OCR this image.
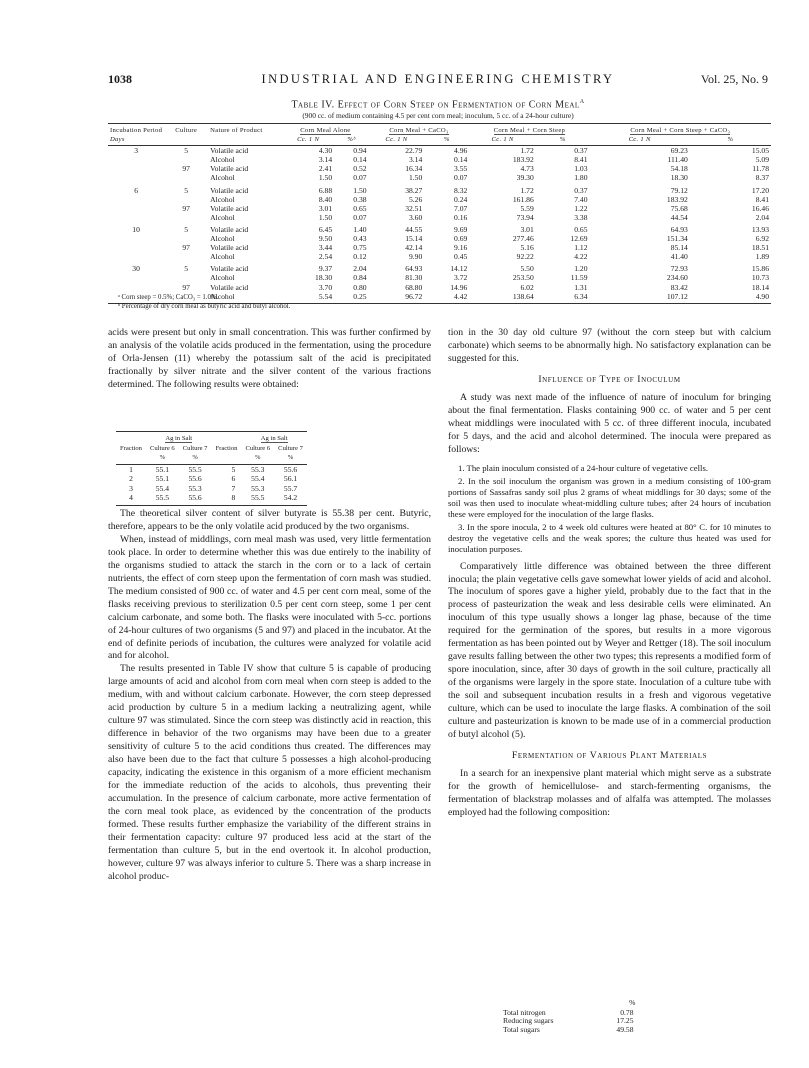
1038	INDUSTRIAL AND ENGINEERING CHEMISTRY	Vol. 25, No. 9
Table IV. Effect of Corn Steep on Fermentation of Corn Meal$^a$
(900 cc. of medium containing 4.5 per cent corn meal; inoculum, 5 cc. of a 24-hour culture)
Incubation Period	Culture	Nature of Product	Corn Meal Alone		Corn Meal + CaCO₃		Corn Meal + Corn Steep		Corn Meal + Corn Steep + CaCO₃	
Days			Cc. 1 N	%ᵇ	Cc. 1 N	%	Cc. 1 N	%	Cc. 1 N	%
3	5	Volatile acid	4.30	0.94	22.79	4.96	1.72	0.37	69.23	15.05
		Alcohol	3.14	0.14	3.14	0.14	183.92	8.41	111.40	5.09
	97	Volatile acid	2.41	0.52	16.34	3.55	4.73	1.03	54.18	11.78
		Alcohol	1.50	0.07	1.50	0.07	39.30	1.80	18.30	8.37
6	5	Volatile acid	6.88	1.50	38.27	8.32	1.72	0.37	79.12	17.20
		Alcohol	8.40	0.38	5.26	0.24	161.86	7.40	183.92	8.41
	97	Volatile acid	3.01	0.65	32.51	7.07	5.59	1.22	75.68	16.46
		Alcohol	1.50	0.07	3.60	0.16	73.94	3.38	44.54	2.04
10	5	Volatile acid	6.45	1.40	44.55	9.69	3.01	0.65	64.93	13.93
		Alcohol	9.50	0.43	15.14	0.69	277.46	12.69	151.34	6.92
	97	Volatile acid	3.44	0.75	42.14	9.16	5.16	1.12	85.14	18.51
		Alcohol	2.54	0.12	9.90	0.45	92.22	4.22	41.40	1.89
30	5	Volatile acid	9.37	2.04	64.93	14.12	5.50	1.20	72.93	15.86
		Alcohol	18.30	0.84	81.30	3.72	253.50	11.59	234.60	10.73
	97	Volatile acid	3.70	0.80	68.80	14.96	6.02	1.31	83.42	18.14
		Alcohol	5.54	0.25	96.72	4.42	138.64	6.34	107.12	4.90
ᵃ Corn steep = 0.5%; CaCO₃ = 1.0%.
ᵇ Percentage of dry corn meal as butyric acid and butyl alcohol.

acids were present but only in small concentration. This was further confirmed by an analysis of the volatile acids produced in the fermentation, using the procedure of Orla-Jensen (11) whereby the potassium salt of the acid is precipitated fractionally by silver nitrate and the silver content of the various fractions determined. The following results were obtained:

Fraction	Ag in Salt		Fraction	Ag in Salt	
	Culture 6	Culture 7		Culture 6	Culture 7
	%	%		%	%
1	55.1	55.5	5	55.3	55.6
2	55.1	55.6	6	55.4	56.1
3	55.4	55.3	7	55.3	55.7
4	55.5	55.6	8	55.5	54.2

The theoretical silver content of silver butyrate is 55.38 per cent. Butyric, therefore, appears to be the only volatile acid produced by the two organisms.

When, instead of middlings, corn meal mash was used, very little fermentation took place. In order to determine whether this was due entirely to the inability of the organisms studied to attack the starch in the corn or to a lack of certain nutrients, the effect of corn steep upon the fermentation of corn mash was studied. The medium consisted of 900 cc. of water and 4.5 per cent corn meal, some of the flasks receiving previous to sterilization 0.5 per cent corn steep, some 1 per cent calcium carbonate, and some both. The flasks were inoculated with 5-cc. portions of 24-hour cultures of two organisms (5 and 97) and placed in the incubator. At the end of definite periods of incubation, the cultures were analyzed for volatile acid and for alcohol.

The results presented in Table IV show that culture 5 is capable of producing large amounts of acid and alcohol from corn meal when corn steep is added to the medium, with and without calcium carbonate. However, the corn steep depressed acid production by culture 5 in a medium lacking a neutralizing agent, while culture 97 was stimulated. Since the corn steep was distinctly acid in reaction, this difference in behavior of the two organisms may have been due to a greater sensitivity of culture 5 to the acid conditions thus created. The differences may also have been due to the fact that culture 5 possesses a high alcohol-producing capacity, indicating the existence in this organism of a more efficient mechanism for the immediate reduction of the acids to alcohols, thus preventing their accumulation. In the presence of calcium carbonate, more active fermentation of the corn meal took place, as evidenced by the concentration of the products formed. These results further emphasize the variability of the different strains in their fermentation capacity: culture 97 produced less acid at the start of the fermentation than culture 5, but in the end overtook it. In alcohol production, however, culture 97 was always inferior to culture 5. There was a sharp increase in alcohol produc-

tion in the 30 day old culture 97 (without the corn steep but with calcium carbonate) which seems to be abnormally high. No satisfactory explanation can be suggested for this.

Influence of Type of Inoculum

A study was next made of the influence of nature of inoculum for bringing about the final fermentation. Flasks containing 900 cc. of water and 5 per cent wheat middlings were inoculated with 5 cc. of three different inocula, incubated for 5 days, and the acid and alcohol determined. The inocula were prepared as follows:

1. The plain inoculum consisted of a 24-hour culture of vegetative cells.

2. In the soil inoculum the organism was grown in a medium consisting of 100-gram portions of Sassafras sandy soil plus 2 grams of wheat middlings for 30 days; some of the soil was then used to inoculate wheat-middling culture tubes; after 24 hours of incubation these were employed for the inoculation of the large flasks.

3. In the spore inocula, 2 to 4 week old cultures were heated at 80° C. for 10 minutes to destroy the vegetative cells and the weak spores; the culture thus heated was used for inoculation purposes.

Comparatively little difference was obtained between the three different inocula; the plain vegetative cells gave somewhat lower yields of acid and alcohol. The inoculum of spores gave a higher yield, probably due to the fact that in the process of pasteurization the weak and less desirable cells were eliminated. An inoculum of this type usually shows a longer lag phase, because of the time required for the germination of the spores, but results in a more vigorous fermentation as has been pointed out by Weyer and Rettger (18). The soil inoculum gave results falling between the other two types; this represents a modified form of spore inoculation, since, after 30 days of growth in the soil culture, practically all of the organisms were largely in the spore state. Inoculation of a culture tube with the soil and subsequent incubation results in a fresh and vigorous vegetative culture, which can be used to inoculate the large flasks. A combination of the soil culture and pasteurization is known to be made use of in a commercial production of butyl alcohol (5).

Fermentation of Various Plant Materials

In a search for an inexpensive plant material which might serve as a substrate for the growth of hemicellulose- and starch-fermenting organisms, the fermentation of blackstrap molasses and of alfalfa was attempted. The molasses employed had the following composition:

	%
Total nitrogen	0.78
Reducing sugars	17.25
Total sugars	49.58
